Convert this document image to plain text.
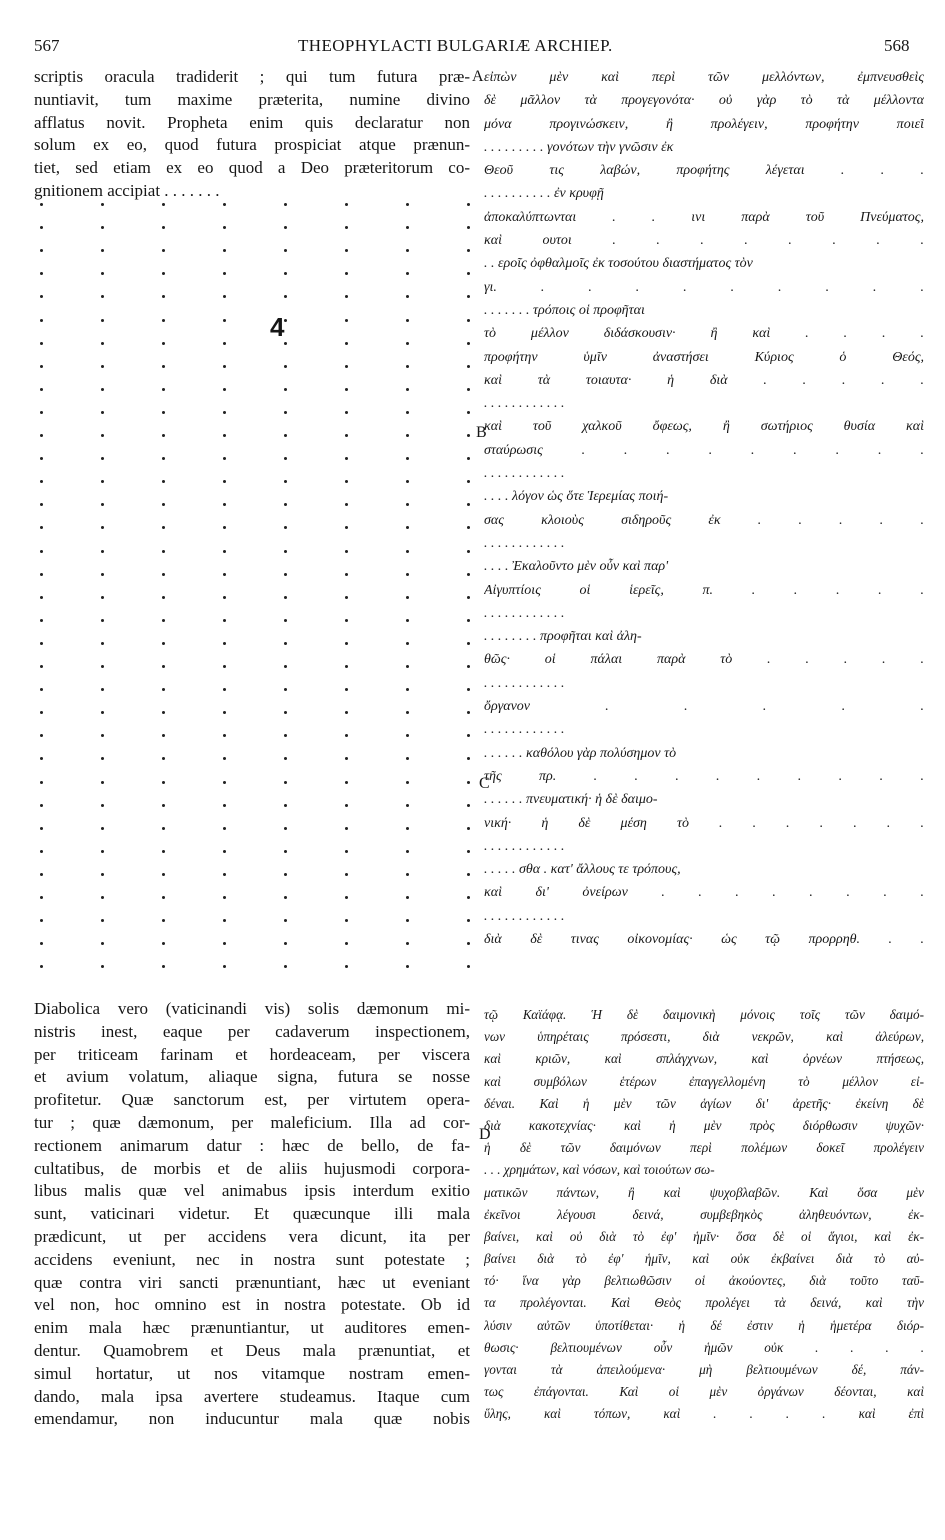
567	THEOPHYLACTI BULGARIÆ ARCHIEP.	568
scriptis oracula tradiderit ; qui tum futura præ-
nuntiavit, tum maxime præterita, numine divino
afflatus novit. Propheta enim quis declaratur non
solum ex eo, quod futura prospiciat atque prænun-
tiet, sed etiam ex eo quod a Deo præteritorum co-
gnitionem accipiat . . . . . . .
4
Diabolica vero (vaticinandi vis) solis dæmonum mi-
nistris inest, eaque per cadaverum inspectionem,
per triticeam farinam et hordeaceam, per viscera
et avium volatum, aliaque signa, futura se nosse
profitetur. Quæ sanctorum est, per virtutem opera-
tur ; quæ dæmonum, per maleficium. Illa ad cor-
rectionem animarum datur : hæc de bello, de fa-
cultatibus, de morbis et de aliis hujusmodi corpora-
libus malis quæ vel animabus ipsis interdum exitio
sunt, vaticinari videtur. Et quæcunque illi mala
prædicunt, ut per accidens vera dicunt, ita per
accidens eveniunt, nec in nostra sunt potestate ;
quæ contra viri sancti prænuntiant, hæc ut eveniant
vel non, hoc omnino est in nostra potestate. Ob id
enim mala hæc prænuntiantur, ut auditores emen-
dentur. Quamobrem et Deus mala prænuntiat, et
simul hortatur, ut nos vitamque nostram emen-
dando, mala ipsa avertere studeamus. Itaque cum
emendamur, non inducuntur mala quæ nobis
A
B
C
D
εἰπὼν μὲν καὶ περὶ τῶν μελλόντων, ἐμπνευσθεὶς
δὲ μᾶλλον τὰ προγεγονότα· οὐ γὰρ τὸ τὰ μέλλοντα
μόνα προγινώσκειν, ἢ προλέγειν, προφήτην ποιεῖ
. . . . . . . . . γονότων τὴν γνῶσιν ἐκ
Θεοῦ τις λαβών, προφήτης λέγεται . . .
. . . . . . . . . . ἐν κρυφῇ
ἀποκαλύπτωνται . . ινι παρὰ τοῦ Πνεύματος,
καὶ ουτοι . . . . . . . .
. . εροῖς ὀφθαλμοῖς ἐκ τοσούτου διαστήματος τὸν
γι. . . . . . . . . .
. . . . . . . τρόποις οἱ προφῆται
τὸ μέλλον διδάσκουσιν· ἢ καὶ . . . .
προφήτην ὑμῖν ἀναστήσει Κύριος ὁ Θεός,
καὶ τὰ τοιαυτα· ἡ διὰ . . . . .
. . . . . . . . . . . .
καὶ τοῦ χαλκοῦ ὄφεως, ἢ σωτήριος θυσία καὶ
σταύρωσις . . . . . . . . .
. . . . . . . . . . . .
. . . . λόγον ὡς ὅτε Ἱερεμίας ποιή-
σας κλοιοὺς σιδηροῦς ἐκ . . . . .
. . . . . . . . . . . .
. . . . Ἐκαλοῦντο μὲν οὖν καὶ παρ'
Αἰγυπτίοις οἱ ἱερεῖς, π. . . . . .
. . . . . . . . . . . .
. . . . . . . . προφῆται καὶ ἀλη-
θῶς· οἱ πάλαι παρὰ τὸ . . . . .
. . . . . . . . . . . .
ὄργανον . . . . .
. . . . . . . . . . . .
. . . . . . καθόλου γὰρ πολύσημον τὸ
τῆς πρ. . . . . . . . . .
. . . . . . πνευματική· ἡ δὲ δαιμο-
νική· ἡ δὲ μέση τὸ . . . . . . .
. . . . . . . . . . . .
. . . . . σθα . κατ' ἄλλους τε τρόπους,
καὶ δι' ὀνείρων . . . . . . . .
. . . . . . . . . . . .
διὰ δὲ τινας οἰκονομίας· ὡς τῷ προρρηθ. . .
τῷ Καϊάφᾳ. Ἡ δὲ δαιμονικὴ μόνοις τοῖς τῶν δαιμό-
νων ὑπηρέταις πρόσεστι, διὰ νεκρῶν, καὶ ἀλεύρων,
καὶ κριῶν, καὶ σπλάγχνων, καὶ ὀρνέων πτήσεως,
καὶ συμβόλων ἑτέρων ἐπαγγελλομένη τὸ μέλλον εἰ-
δέναι. Καὶ ἡ μὲν τῶν ἁγίων δι' ἀρετῆς· ἐκείνη δὲ
διὰ κακοτεχνίας· καὶ ἡ μὲν πρὸς διόρθωσιν ψυχῶν·
ἡ δὲ τῶν δαιμόνων περὶ πολέμων δοκεῖ προλέγειν
. . . χρημάτων, καὶ νόσων, καὶ τοιούτων σω-
ματικῶν πάντων, ἢ καὶ ψυχοβλαβῶν. Καὶ ὅσα μὲν
ἐκεῖνοι λέγουσι δεινά, συμβεβηκὸς ἀληθευόντων, ἐκ-
βαίνει, καὶ οὐ διὰ τὸ ἐφ' ἡμῖν· ὅσα δὲ οἱ ἅγιοι, καὶ ἐκ-
βαίνει διὰ τὸ ἐφ' ἡμῖν, καὶ οὐκ ἐκβαίνει διὰ τὸ αὐ-
τό· ἵνα γὰρ βελτιωθῶσιν οἱ ἀκούοντες, διὰ τοῦτο ταῦ-
τα προλέγονται. Καὶ Θεὸς προλέγει τὰ δεινά, καὶ τὴν
λύσιν αὐτῶν ὑποτίθεται· ἡ δέ ἐστιν ἡ ἡμετέρα διόρ-
θωσις· βελτιουμένων οὖν ἡμῶν οὐκ . . . .
γονται τὰ ἀπειλούμενα· μὴ βελτιουμένων δέ, πάν-
τως ἐπάγονται. Καὶ οἱ μὲν ὀργάνων δέονται, καὶ
ὕλης, καὶ τόπων, καὶ . . . . καὶ ἐπὶ
